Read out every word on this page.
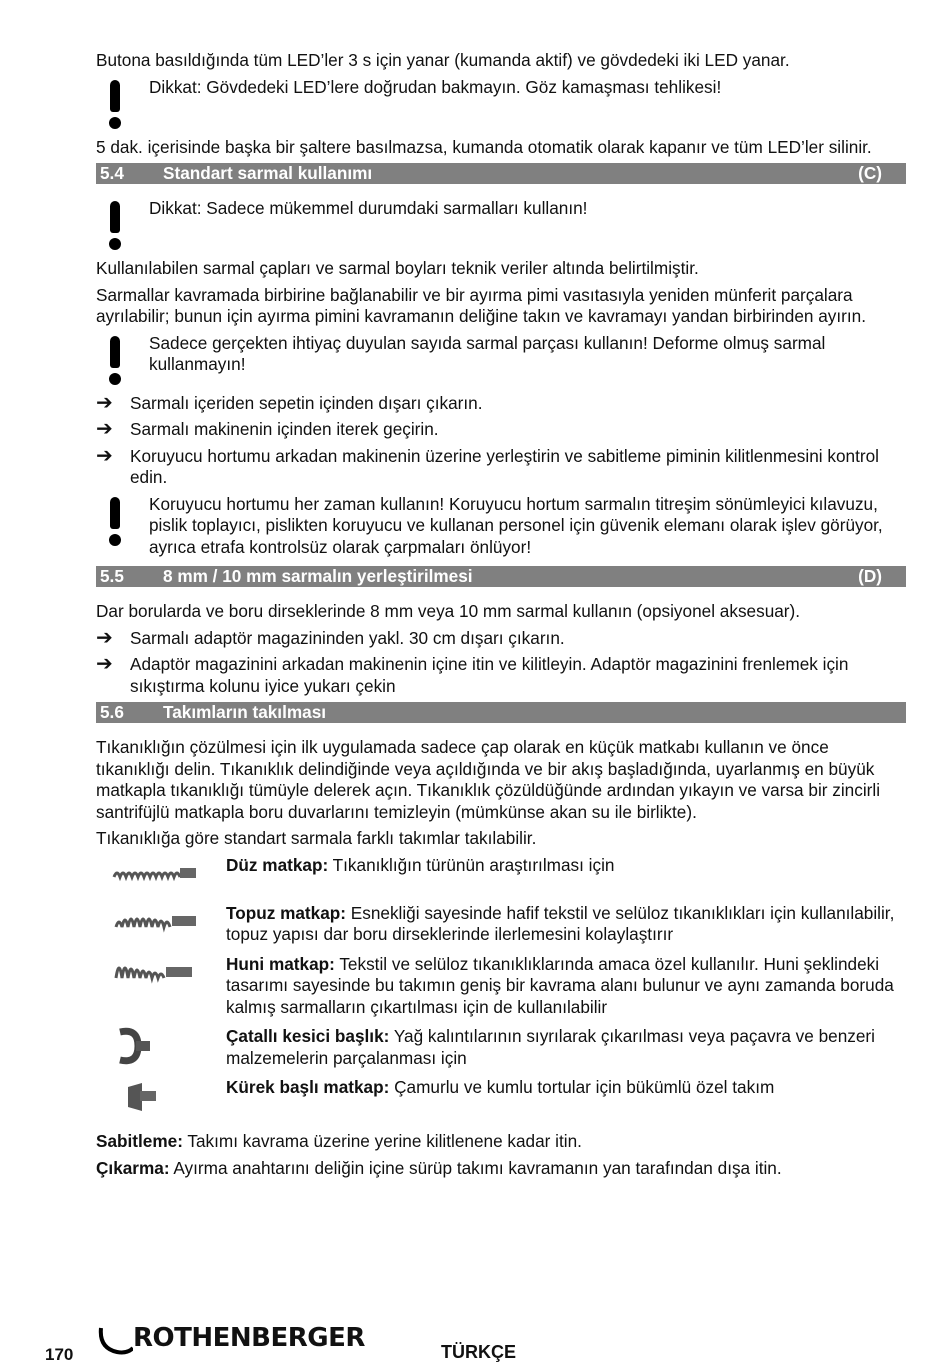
Butona basıldığında tüm LED’ler 3 s için yanar (kumanda aktif) ve gövdedeki iki LED yanar.

Dikkat: Gövdedeki LED’lere doğrudan bakmayın. Göz kamaşması tehlikesi!

5 dak. içerisinde başka bir şaltere basılmazsa, kumanda otomatik olarak kapanır ve tüm LED’ler silinir.

5.4	Standart sarmal kullanımı	(C)
Dikkat: Sadece mükemmel durumdaki sarmalları kullanın!

Kullanılabilen sarmal çapları ve sarmal boyları teknik veriler altında belirtilmiştir.

Sarmallar kavramada birbirine bağlanabilir ve bir ayırma pimi vasıtasıyla yeniden münferit parçalara ayrılabilir; bunun için ayırma pimini kavramanın deliğine takın ve kavramayı yandan birbirinden ayırın.

Sadece gerçekten ihtiyaç duyulan sayıda sarmal parçası kullanın! Deforme olmuş sarmal kullanmayın!
➔	Sarmalı içeriden sepetin içinden dışarı çıkarın.
➔	Sarmalı makinenin içinden iterek geçirin.
➔	Koruyucu hortumu arkadan makinenin üzerine yerleştirin ve sabitleme piminin kilitlenmesini kontrol edin.
Koruyucu hortumu her zaman kullanın! Koruyucu hortum sarmalın titreşim sönümleyici kılavuzu, pislik toplayıcı, pislikten koruyucu ve kullanan personel için güvenik elemanı olarak işlev görüyor, ayrıca etrafa kontrolsüz olarak çarpmaları önlüyor!
5.5	8 mm / 10 mm sarmalın yerleştirilmesi	(D)

Dar borularda ve boru dirseklerinde 8 mm veya 10 mm sarmal kullanın (opsiyonel aksesuar).

➔	Sarmalı adaptör magazininden yakl. 30 cm dışarı çıkarın.
➔	Adaptör magazinini arkadan makinenin içine itin ve kilitleyin. Adaptör magazinini frenlemek için sıkıştırma kolunu iyice yukarı çekin
5.6	Takımların takılması

Tıkanıklığın çözülmesi için ilk uygulamada sadece çap olarak en küçük matkabı kullanın ve önce tıkanıklığı delin. Tıkanıklık delindiğinde veya açıldığında ve bir akış başladığında, uyarlanmış en büyük matkapla tıkanıklığı tümüyle delerek açın. Tıkanıklık çözüldüğünde ardından yıkayın ve varsa bir zincirli santrifüjlü matkapla boru duvarlarını temizleyin (mümkünse akan su ile birlikte).

Tıkanıklığa göre standart sarmala farklı takımlar takılabilir.

Düz matkap: Tıkanıklığın türünün araştırılması için
Topuz matkap: Esnekliği sayesinde hafif tekstil ve selüloz tıkanıklıkları için kullanılabilir, topuz yapısı dar boru dirseklerinde ilerlemesini kolaylaştırır
Huni matkap: Tekstil ve selüloz tıkanıklıklarında amaca özel kullanılır. Huni şeklindeki tasarımı sayesinde bu takımın geniş bir kavrama alanı bulunur ve aynı zamanda boruda kalmış sarmalların çıkartılması için de kullanılabilir
Çatallı kesici başlık: Yağ kalıntılarının sıyrılarak çıkarılması veya paçavra ve benzeri malzemelerin parçalanması için
Kürek başlı matkap: Çamurlu ve kumlu tortular için bükümlü özel takım

Sabitleme: Takımı kavrama üzerine yerine kilitlenene kadar itin.

Çıkarma: Ayırma anahtarını deliğin içine sürüp takımı kavramanın yan tarafından dışa itin.

170
ROTHENBERGER	TÜRKÇE
